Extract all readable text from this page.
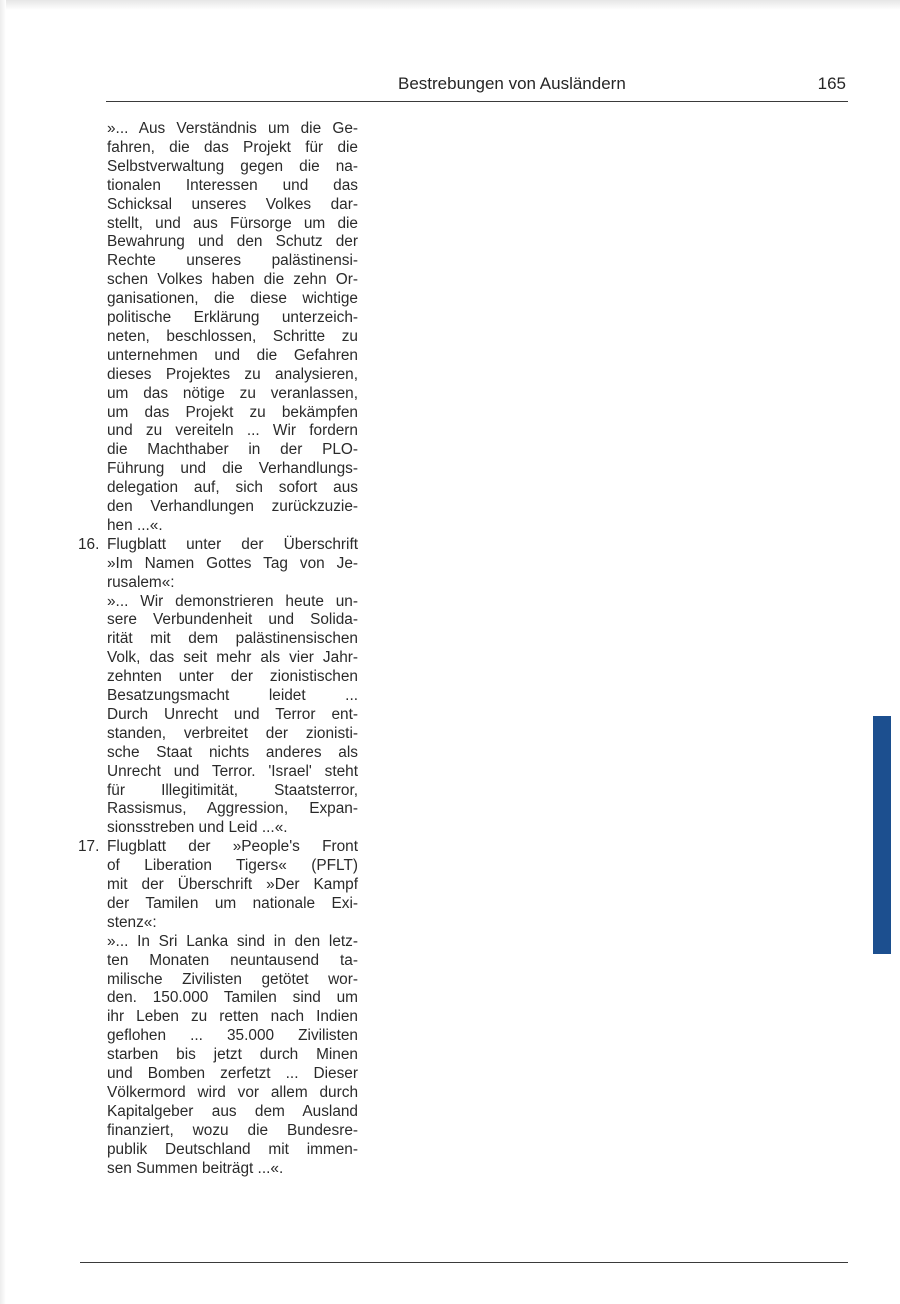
Bestrebungen von Ausländern	165
»... Aus Verständnis um die Ge-
fahren, die das Projekt für die
Selbstverwaltung gegen die na-
tionalen Interessen und das
Schicksal unseres Volkes dar-
stellt, und aus Fürsorge um die
Bewahrung und den Schutz der
Rechte unseres palästinensi-
schen Volkes haben die zehn Or-
ganisationen, die diese wichtige
politische Erklärung unterzeich-
neten, beschlossen, Schritte zu
unternehmen und die Gefahren
dieses Projektes zu analysieren,
um das nötige zu veranlassen,
um das Projekt zu bekämpfen
und zu vereiteln ... Wir fordern
die Machthaber in der PLO-
Führung und die Verhandlungs-
delegation auf, sich sofort aus
den Verhandlungen zurückzuzie-
hen ...«.
16. Flugblatt unter der Überschrift
»Im Namen Gottes Tag von Je-
rusalem«:
»... Wir demonstrieren heute un-
sere Verbundenheit und Solida-
rität mit dem palästinensischen
Volk, das seit mehr als vier Jahr-
zehnten unter der zionistischen
Besatzungsmacht leidet ...
Durch Unrecht und Terror ent-
standen, verbreitet der zionisti-
sche Staat nichts anderes als
Unrecht und Terror. 'Israel' steht
für Illegitimität, Staatsterror,
Rassismus, Aggression, Expan-
sionsstreben und Leid ...«.
17. Flugblatt der »People's Front
of Liberation Tigers« (PFLT)
mit der Überschrift »Der Kampf
der Tamilen um nationale Exi-
stenz«:
»... In Sri Lanka sind in den letz-
ten Monaten neuntausend ta-
milische Zivilisten getötet wor-
den. 150.000 Tamilen sind um
ihr Leben zu retten nach Indien
geflohen ... 35.000 Zivilisten
starben bis jetzt durch Minen
und Bomben zerfetzt ... Dieser
Völkermord wird vor allem durch
Kapitalgeber aus dem Ausland
finanziert, wozu die Bundesre-
publik Deutschland mit immen-
sen Summen beiträgt ...«.
